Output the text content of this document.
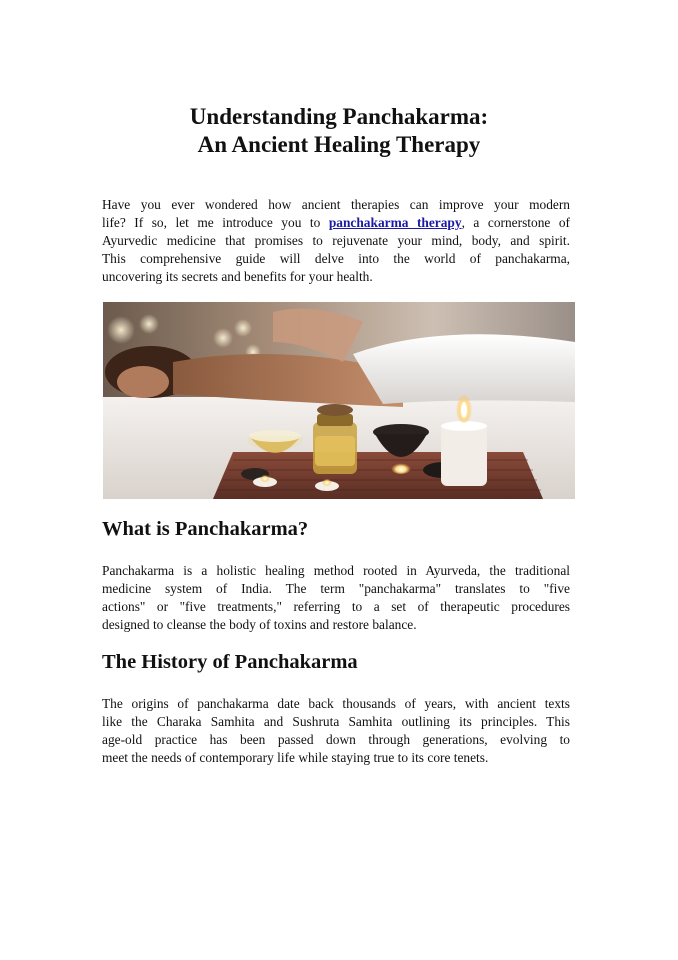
Understanding Panchakarma:
An Ancient Healing Therapy

Have you ever wondered how ancient therapies can improve your modern
life? If so, let me introduce you to panchakarma therapy, a cornerstone of
Ayurvedic medicine that promises to rejuvenate your mind, body, and spirit.
This comprehensive guide will delve into the world of panchakarma,
uncovering its secrets and benefits for your health.

What is Panchakarma?

Panchakarma is a holistic healing method rooted in Ayurveda, the traditional
medicine system of India. The term "panchakarma" translates to "five
actions" or "five treatments," referring to a set of therapeutic procedures
designed to cleanse the body of toxins and restore balance.

The History of Panchakarma

The origins of panchakarma date back thousands of years, with ancient texts
like the Charaka Samhita and Sushruta Samhita outlining its principles. This
age-old practice has been passed down through generations, evolving to
meet the needs of contemporary life while staying true to its core tenets.
